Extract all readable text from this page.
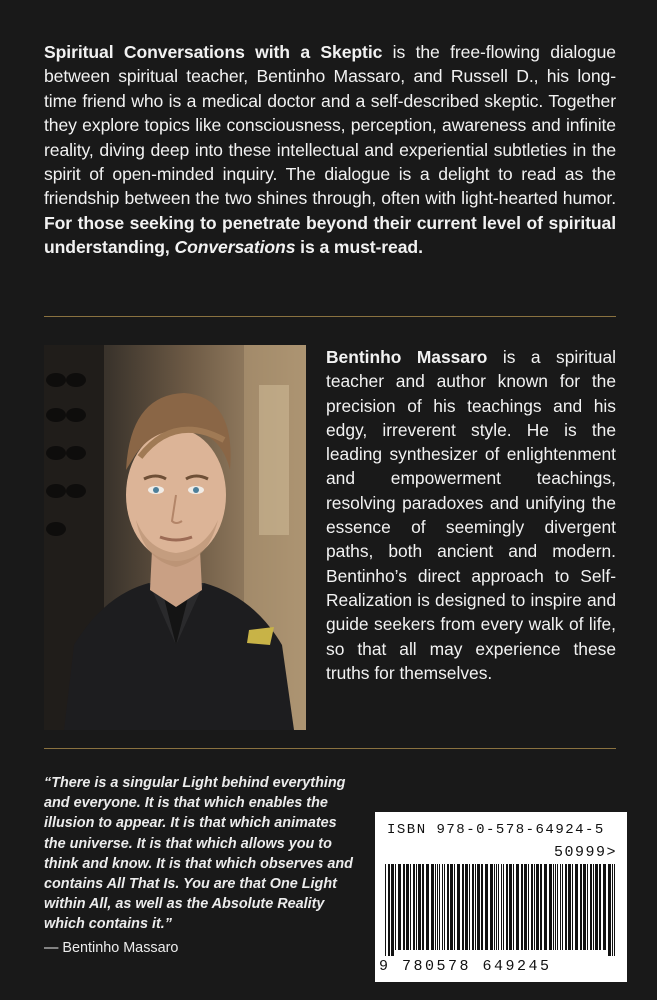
Spiritual Conversations with a Skeptic is the free-flowing dialogue between spiritual teacher, Bentinho Massaro, and Russell D., his long-time friend who is a medical doctor and a self-described skeptic. Together they explore topics like consciousness, perception, awareness and infinite reality, diving deep into these intellectual and experiential subtleties in the spirit of open-minded inquiry. The dialogue is a delight to read as the friendship between the two shines through, often with light-hearted humor. For those seeking to penetrate beyond their current level of spiritual understanding, Conversations is a must-read.

Bentinho Massaro is a spiritual teacher and author known for the precision of his teachings and his edgy, irreverent style. He is the leading synthesizer of enlightenment and empowerment teachings, resolving paradoxes and unifying the essence of seemingly divergent paths, both ancient and modern. Bentinho’s direct approach to Self-Realization is designed to inspire and guide seekers from every walk of life, so that all may experience these truths for themselves.

“There is a singular Light behind everything and everyone. It is that which enables the illusion to appear. It is that which animates the universe. It is that which allows you to think and know. It is that which observes and contains All That Is. You are that One Light within All, as well as the Absolute Reality which contains it.”
— Bentinho Massaro
ISBN 978-0-578-64924-5
50999>
9 780578 649245
